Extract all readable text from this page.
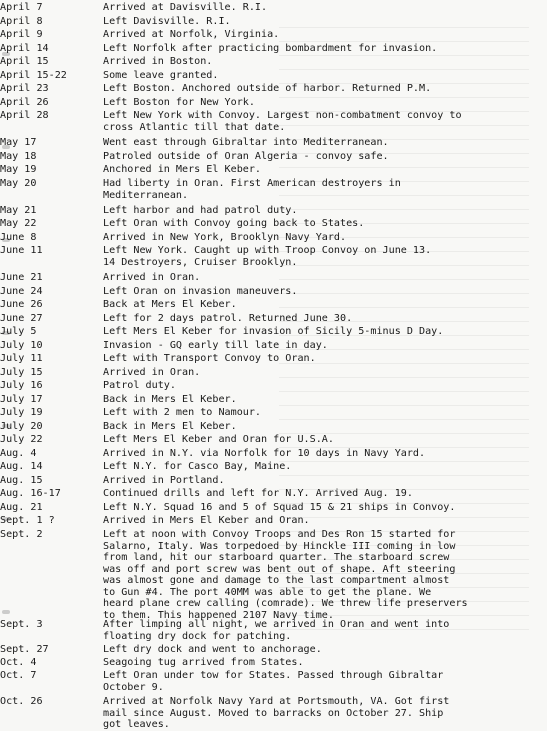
April 7	Arrived at Davisville. R.I.
April 8	Left Davisville. R.I.
April 9	Arrived at Norfolk, Virginia.
April 14	Left Norfolk after practicing bombardment for invasion.
April 15	Arrived in Boston.
April 15-22	Some leave granted.
April 23	Left Boston. Anchored outside of harbor. Returned P.M.
April 26	Left Boston for New York.
April 28	Left New York with Convoy. Largest non-combatment convoy to
cross Atlantic till that date.
May 17	Went east through Gibraltar into Mediterranean.
May 18	Patroled outside of Oran Algeria - convoy safe.
May 19	Anchored in Mers El Keber.
May 20	Had liberty in Oran. First American destroyers in
Mediterranean.
May 21	Left harbor and had patrol duty.
May 22	Left Oran with Convoy going back to States.
June 8	Arrived in New York, Brooklyn Navy Yard.
June 11	Left New York. Caught up with Troop Convoy on June 13.
14 Destroyers, Cruiser Brooklyn.
June 21	Arrived in Oran.
June 24	Left Oran on invasion maneuvers.
June 26	Back at Mers El Keber.
June 27	Left for 2 days patrol. Returned June 30.
July 5	Left Mers El Keber for invasion of Sicily 5-minus D Day.
July 10	Invasion - GQ early till late in day.
July 11	Left with Transport Convoy to Oran.
July 15	Arrived in Oran.
July 16	Patrol duty.
July 17	Back in Mers El Keber.
July 19	Left with 2 men to Namour.
July 20	Back in Mers El Keber.
July 22	Left Mers El Keber and Oran for U.S.A.
Aug. 4	Arrived in N.Y. via Norfolk for 10 days in Navy Yard.
Aug. 14	Left N.Y. for Casco Bay, Maine.
Aug. 15	Arrived in Portland.
Aug. 16-17	Continued drills and left for N.Y. Arrived Aug. 19.
Aug. 21	Left N.Y. Squad 16 and 5 of Squad 15 & 21 ships in Convoy.
Sept. 1 ?	Arrived in Mers El Keber and Oran.
Sept. 2	Left at noon with Convoy Troops and Des Ron 15 started for
Salarno, Italy. Was torpedoed by Hinckle III coming in low
from land, hit our starboard quarter. The starboard screw
was off and port screw was bent out of shape. Aft steering
was almost gone and damage to the last compartment almost
to Gun #4. The port 40MM was able to get the plane. We
heard plane crew calling (comrade). We threw life preservers
to them. This happened 2107 Navy time.
Sept. 3	After limping all night, we arrived in Oran and went into
floating dry dock for patching.
Sept. 27	Left dry dock and went to anchorage.
Oct. 4	Seagoing tug arrived from States.
Oct. 7	Left Oran under tow for States. Passed through Gibraltar
October 9.
Oct. 26	Arrived at Norfolk Navy Yard at Portsmouth, VA. Got first
mail since August. Moved to barracks on October 27. Ship
got leaves.
